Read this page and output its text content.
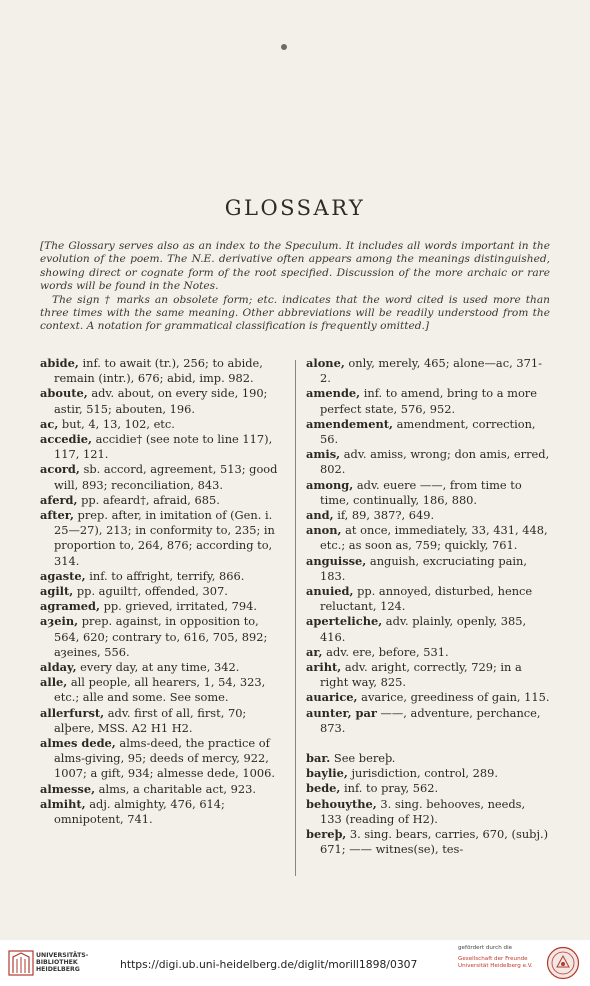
GLOSSARY

[The Glossary serves also as an index to the Speculum. It includes all words important in the evolution of the poem. The N.E. derivative often appears among the meanings distinguished, showing direct or cognate form of the root specified. Discussion of the more archaic or rare words will be found in the Notes.

The sign † marks an obsolete form; etc. indicates that the word cited is used more than three times with the same meaning. Other abbreviations will be readily understood from the context. A notation for grammatical classification is frequently omitted.]

abide, inf. to await (tr.), 256; to abide, remain (intr.), 676; abid, imp. 982.
aboute, adv. about, on every side, 190; astir, 515; abouten, 196.
ac, but, 4, 13, 102, etc.
accedie, accidie† (see note to line 117), 117, 121.
acord, sb. accord, agreement, 513; good will, 893; reconciliation, 843.
aferd, pp. afeard†, afraid, 685.
after, prep. after, in imitation of (Gen. i. 25—27), 213; in conformity to, 235; in proportion to, 264, 876; according to, 314.
agaste, inf. to affright, terrify, 866.
agilt, pp. aguilt†, offended, 307.
agramed, pp. grieved, irritated, 794.
aȝein, prep. against, in opposition to, 564, 620; contrary to, 616, 705, 892; aȝeines, 556.
alday, every day, at any time, 342.
alle, all people, all hearers, 1, 54, 323, etc.; alle and some. See some.
allerfurst, adv. first of all, first, 70; alþere, MSS. A2 H1 H2.
almes dede, alms-deed, the practice of alms-giving, 95; deeds of mercy, 922, 1007; a gift, 934; almesse dede, 1006.
almesse, alms, a charitable act, 923.
almiht, adj. almighty, 476, 614; omnipotent, 741.
alone, only, merely, 465; alone—ac, 371-2.
amende, inf. to amend, bring to a more perfect state, 576, 952.
amendement, amendment, correction, 56.
amis, adv. amiss, wrong; don amis, erred, 802.
among, adv. euere ——, from time to time, continually, 186, 880.
and, if, 89, 387?, 649.
anon, at once, immediately, 33, 431, 448, etc.; as soon as, 759; quickly, 761.
anguisse, anguish, excruciating pain, 183.
anuied, pp. annoyed, disturbed, hence reluctant, 124.
aperteliche, adv. plainly, openly, 385, 416.
ar, adv. ere, before, 531.
ariht, adv. aright, correctly, 729; in a right way, 825.
auarice, avarice, greediness of gain, 115.
aunter, par ——, adventure, perchance, 873.
bar. See bereþ.
baylie, jurisdiction, control, 289.
bede, inf. to pray, 562.
behouythe, 3. sing. behooves, needs, 133 (reading of H2).
bereþ, 3. sing. bears, carries, 670, (subj.) 671; —— witnes(se), tes-
UNIVERSITÄTS-
BIBLIOTHEK
HEIDELBERG	https://digi.ub.uni-heidelberg.de/diglit/morill1898/0307
gefördert durch die
Gesellschaft der Freunde
Universität Heidelberg e.V.
